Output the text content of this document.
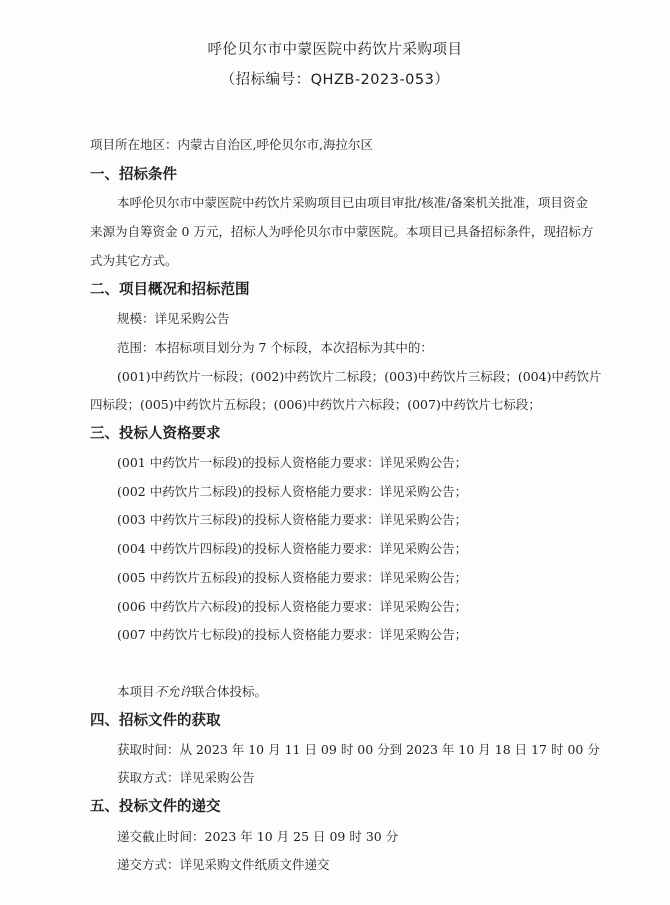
呼伦贝尔市中蒙医院中药饮片采购项目
（招标编号：QHZB-2023-053）
项目所在地区：内蒙古自治区,呼伦贝尔市,海拉尔区
一、招标条件
本呼伦贝尔市中蒙医院中药饮片采购项目已由项目审批/核准/备案机关批准，项目资金
来源为自筹资金 0 万元，招标人为呼伦贝尔市中蒙医院。本项目已具备招标条件，现招标方
式为其它方式。
二、项目概况和招标范围
规模：详见采购公告
范围：本招标项目划分为 7 个标段，本次招标为其中的：
(001)中药饮片一标段；(002)中药饮片二标段；(003)中药饮片三标段；(004)中药饮片
四标段；(005)中药饮片五标段；(006)中药饮片六标段；(007)中药饮片七标段；
三、投标人资格要求
(001 中药饮片一标段)的投标人资格能力要求：详见采购公告；
(002 中药饮片二标段)的投标人资格能力要求：详见采购公告；
(003 中药饮片三标段)的投标人资格能力要求：详见采购公告；
(004 中药饮片四标段)的投标人资格能力要求：详见采购公告；
(005 中药饮片五标段)的投标人资格能力要求：详见采购公告；
(006 中药饮片六标段)的投标人资格能力要求：详见采购公告；
(007 中药饮片七标段)的投标人资格能力要求：详见采购公告；
本项目不允许联合体投标。
四、招标文件的获取
获取时间：从 2023 年 10 月 11 日 09 时 00 分到 2023 年 10 月 18 日 17 时 00 分
获取方式：详见采购公告
五、投标文件的递交
递交截止时间：2023 年 10 月 25 日 09 时 30 分
递交方式：详见采购文件纸质文件递交
